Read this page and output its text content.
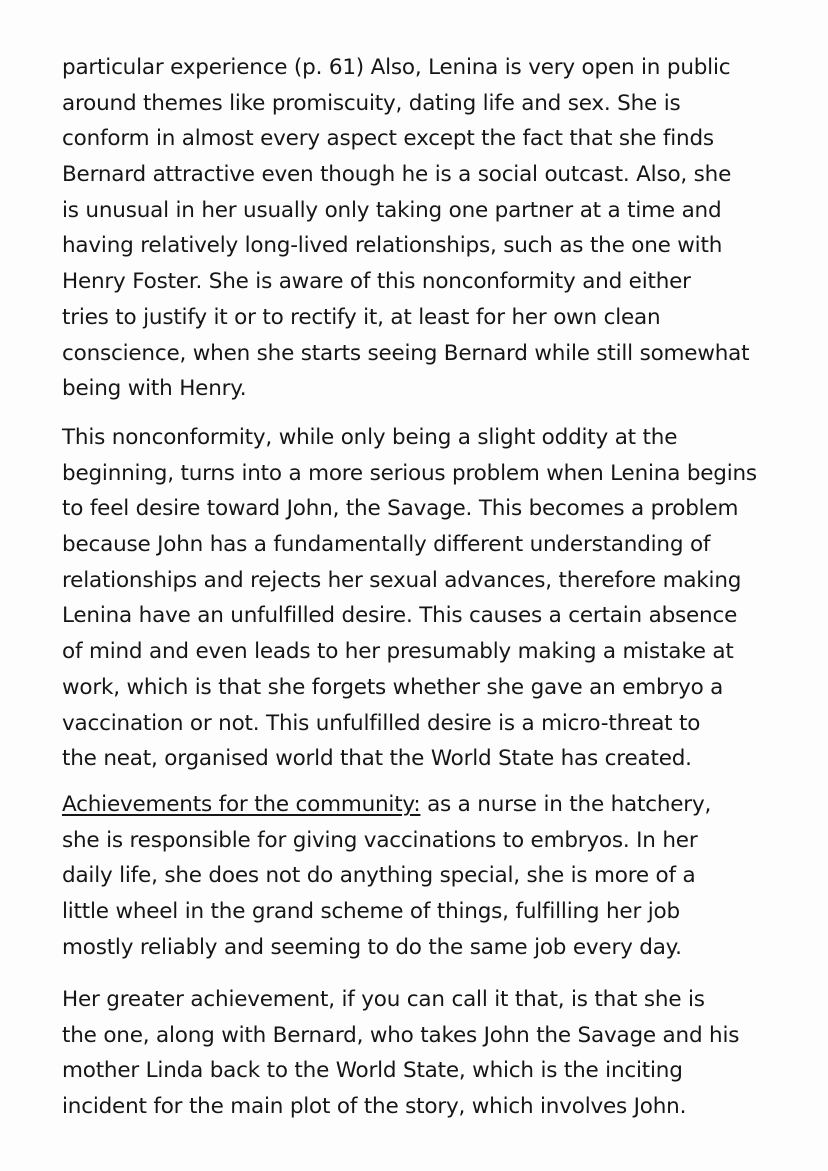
particular experience (p. 61) Also, Lenina is very open in public
around themes like promiscuity, dating life and sex. She is
conform in almost every aspect except the fact that she finds
Bernard attractive even though he is a social outcast. Also, she
is unusual in her usually only taking one partner at a time and
having relatively long-lived relationships, such as the one with
Henry Foster. She is aware of this nonconformity and either
tries to justify it or to rectify it, at least for her own clean
conscience, when she starts seeing Bernard while still somewhat
being with Henry.

This nonconformity, while only being a slight oddity at the
beginning, turns into a more serious problem when Lenina begins
to feel desire toward John, the Savage. This becomes a problem
because John has a fundamentally different understanding of
relationships and rejects her sexual advances, therefore making
Lenina have an unfulfilled desire. This causes a certain absence
of mind and even leads to her presumably making a mistake at
work, which is that she forgets whether she gave an embryo a
vaccination or not. This unfulfilled desire is a micro-threat to
the neat, organised world that the World State has created.

Achievements for the community: as a nurse in the hatchery,
she is responsible for giving vaccinations to embryos. In her
daily life, she does not do anything special, she is more of a
little wheel in the grand scheme of things, fulfilling her job
mostly reliably and seeming to do the same job every day.

Her greater achievement, if you can call it that, is that she is
the one, along with Bernard, who takes John the Savage and his
mother Linda back to the World State, which is the inciting
incident for the main plot of the story, which involves John.
